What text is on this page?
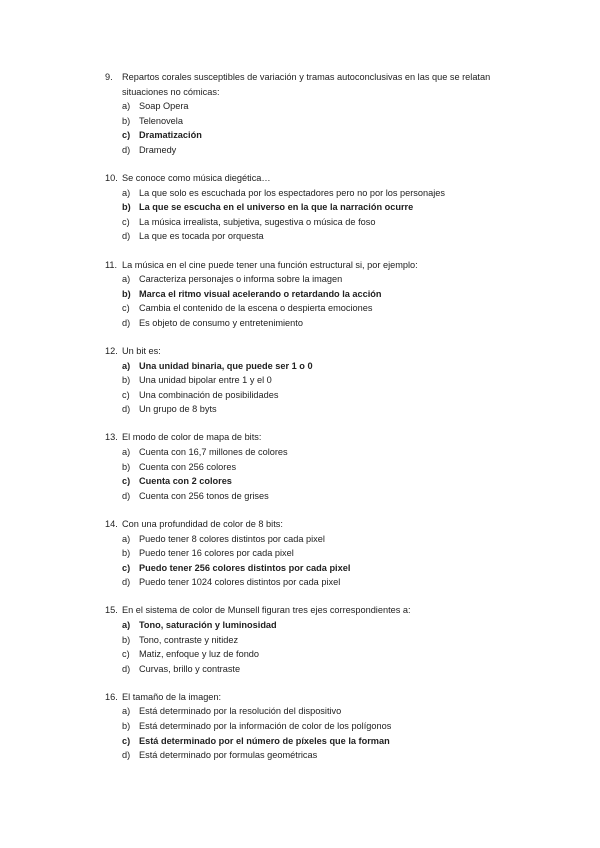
9.	Repartos corales susceptibles de variación y tramas autoconclusivas en las que se relatan situaciones no cómicas:
a) Soap Opera
b) Telenovela
c) Dramatización
d) Dramedy
10. Se conoce como música diegética…
a) La que solo es escuchada por los espectadores pero no por los personajes
b) La que se escucha en el universo en la que la narración ocurre
c)	La música irrealista, subjetiva, sugestiva o música de foso
d) La que es tocada por orquesta
11. La música en el cine puede tener una función estructural si, por ejemplo:
a) Caracteriza personajes o informa sobre la imagen
b) Marca el ritmo visual acelerando o retardando la acción
c)	Cambia el contenido de la escena o despierta emociones
d) Es objeto de consumo y entretenimiento
12. Un bit es:
a) Una unidad binaria, que puede ser 1 o 0
b) Una unidad bipolar entre 1 y el 0
c)	Una combinación de posibilidades
d) Un grupo de 8 byts
13. El modo de color de mapa de bits:
a) Cuenta con 16,7 millones de colores
b) Cuenta con 256 colores
c) Cuenta con 2 colores
d) Cuenta con 256 tonos de grises
14. Con una profundidad de color de 8 bits:
a) Puedo tener 8 colores distintos por cada pixel
b) Puedo tener 16 colores por cada pixel
c) Puedo tener 256 colores distintos por cada pixel
d) Puedo tener 1024 colores distintos por cada pixel
15. En el sistema de color de Munsell figuran tres ejes correspondientes a:
a) Tono, saturación y luminosidad
b) Tono, contraste y nitidez
c)	Matiz, enfoque y luz de fondo
d) Curvas, brillo y contraste
16. El tamaño de la imagen:
a) Está determinado por la resolución del dispositivo
b) Está determinado por la información de color de los polígonos
c) Está determinado por el número de píxeles que la forman
d) Está determinado por formulas geométricas
